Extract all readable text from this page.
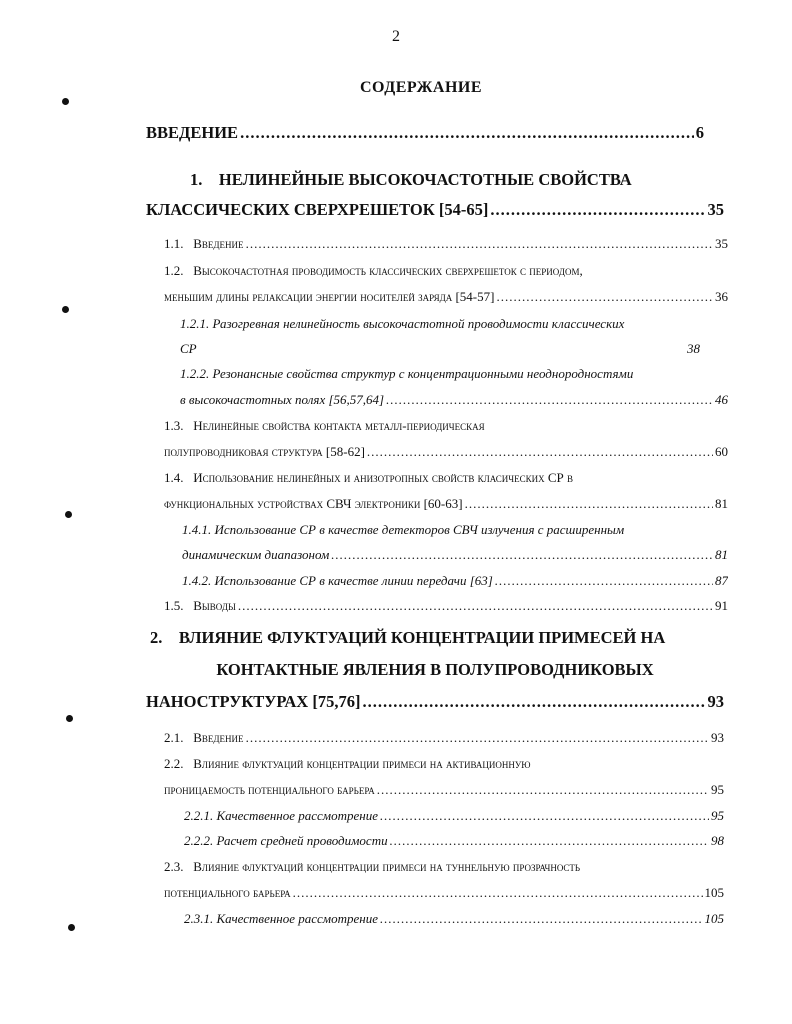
2
СОДЕРЖАНИЕ
ВВЕДЕНИЕ .....	6
1.    НЕЛИНЕЙНЫЕ ВЫСОКОЧАСТОТНЫЕ СВОЙСТВА
КЛАССИЧЕСКИХ СВЕРХРЕШЕТОК [54-65] .....	35
1.1.   Введение .....	35
1.2.   Высокочастотная проводимость классических сверхрешеток с периодом,
меньшим длины релаксации энергии носителей заряда [54-57] .....	36
1.2.1. Разогревная нелинейность высокочастотной проводимости классических
СР	38
1.2.2. Резонансные свойства структур с концентрационными неоднородностями
в высокочастотных полях [56,57,64] .....	46
1.3.   Нелинейные свойства контакта металл-периодическая
полупроводниковая структура [58-62] .....	60
1.4.   Использование нелинейных и анизотропных свойств класических СР в
функциональных устройствах СВЧ электроники [60-63] .....	81
1.4.1. Использование СР в качестве детекторов СВЧ излучения с расширенным
динамическим диапазоном .....	81
1.4.2. Использование СР в качестве линии передачи [63] .....	87
1.5.   Выводы .....	91
2.    ВЛИЯНИЕ ФЛУКТУАЦИЙ КОНЦЕНТРАЦИИ ПРИМЕСЕЙ НА
КОНТАКТНЫЕ ЯВЛЕНИЯ В ПОЛУПРОВОДНИКОВЫХ
НАНОСТРУКТУРАХ [75,76] .....	93
2.1.   Введение .....	93
2.2.   Влияние флуктуаций концентрации примеси на активационную
проницаемость потенциального барьера .....	95
2.2.1. Качественное рассмотрение .....	95
2.2.2. Расчет средней проводимости .....	98
2.3.   Влияние флуктуаций концентрации примеси на туннельную прозрачность
потенциального барьера .....	105
2.3.1. Качественное рассмотрение .....	105
